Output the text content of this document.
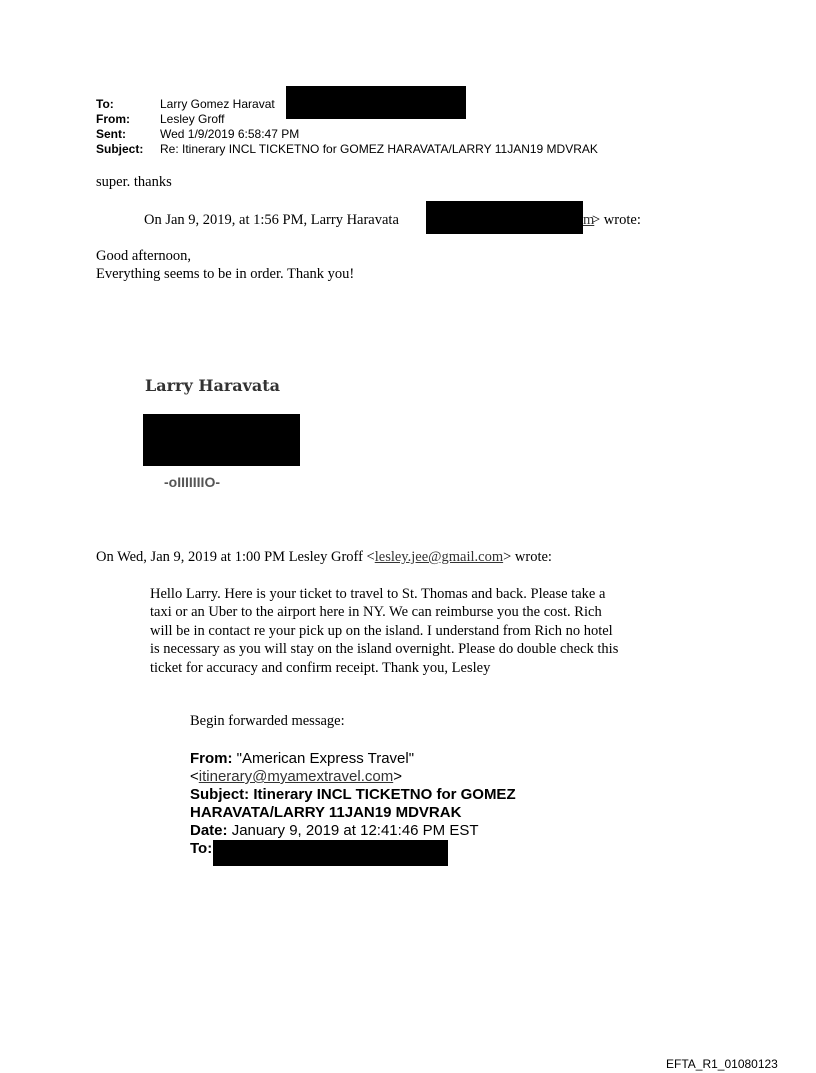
To:	Larry Gomez Haravat
From:	Lesley Groff
Sent:	Wed 1/9/2019 6:58:47 PM
Subject: Re: Itinerary INCL TICKETNO for GOMEZ HARAVATA/LARRY 11JAN19 MDVRAK
super. thanks
On Jan 9, 2019, at 1:56 PM, Larry Haravata	m
> wrote:
Good afternoon,
Everything seems to be in order. Thank you!
Larry Haravata
-oIIIIIIIO-
On Wed, Jan 9, 2019 at 1:00 PM Lesley Groff <lesley.jee@gmail.com> wrote:
Hello Larry. Here is your ticket to travel to St. Thomas and back. Please take a
taxi or an Uber to the airport here in NY. We can reimburse you the cost. Rich
will be in contact re your pick up on the island. I understand from Rich no hotel
is necessary as you will stay on the island overnight. Please do double check this
ticket for accuracy and confirm receipt. Thank you, Lesley
Begin forwarded message:
From: "American Express Travel"
<itinerary@myamextravel.com>
Subject: Itinerary INCL TICKETNO for GOMEZ
HARAVATA/LARRY 11JAN19 MDVRAK
Date: January 9, 2019 at 12:41:46 PM EST
To:
EFTA_R1_01080123
